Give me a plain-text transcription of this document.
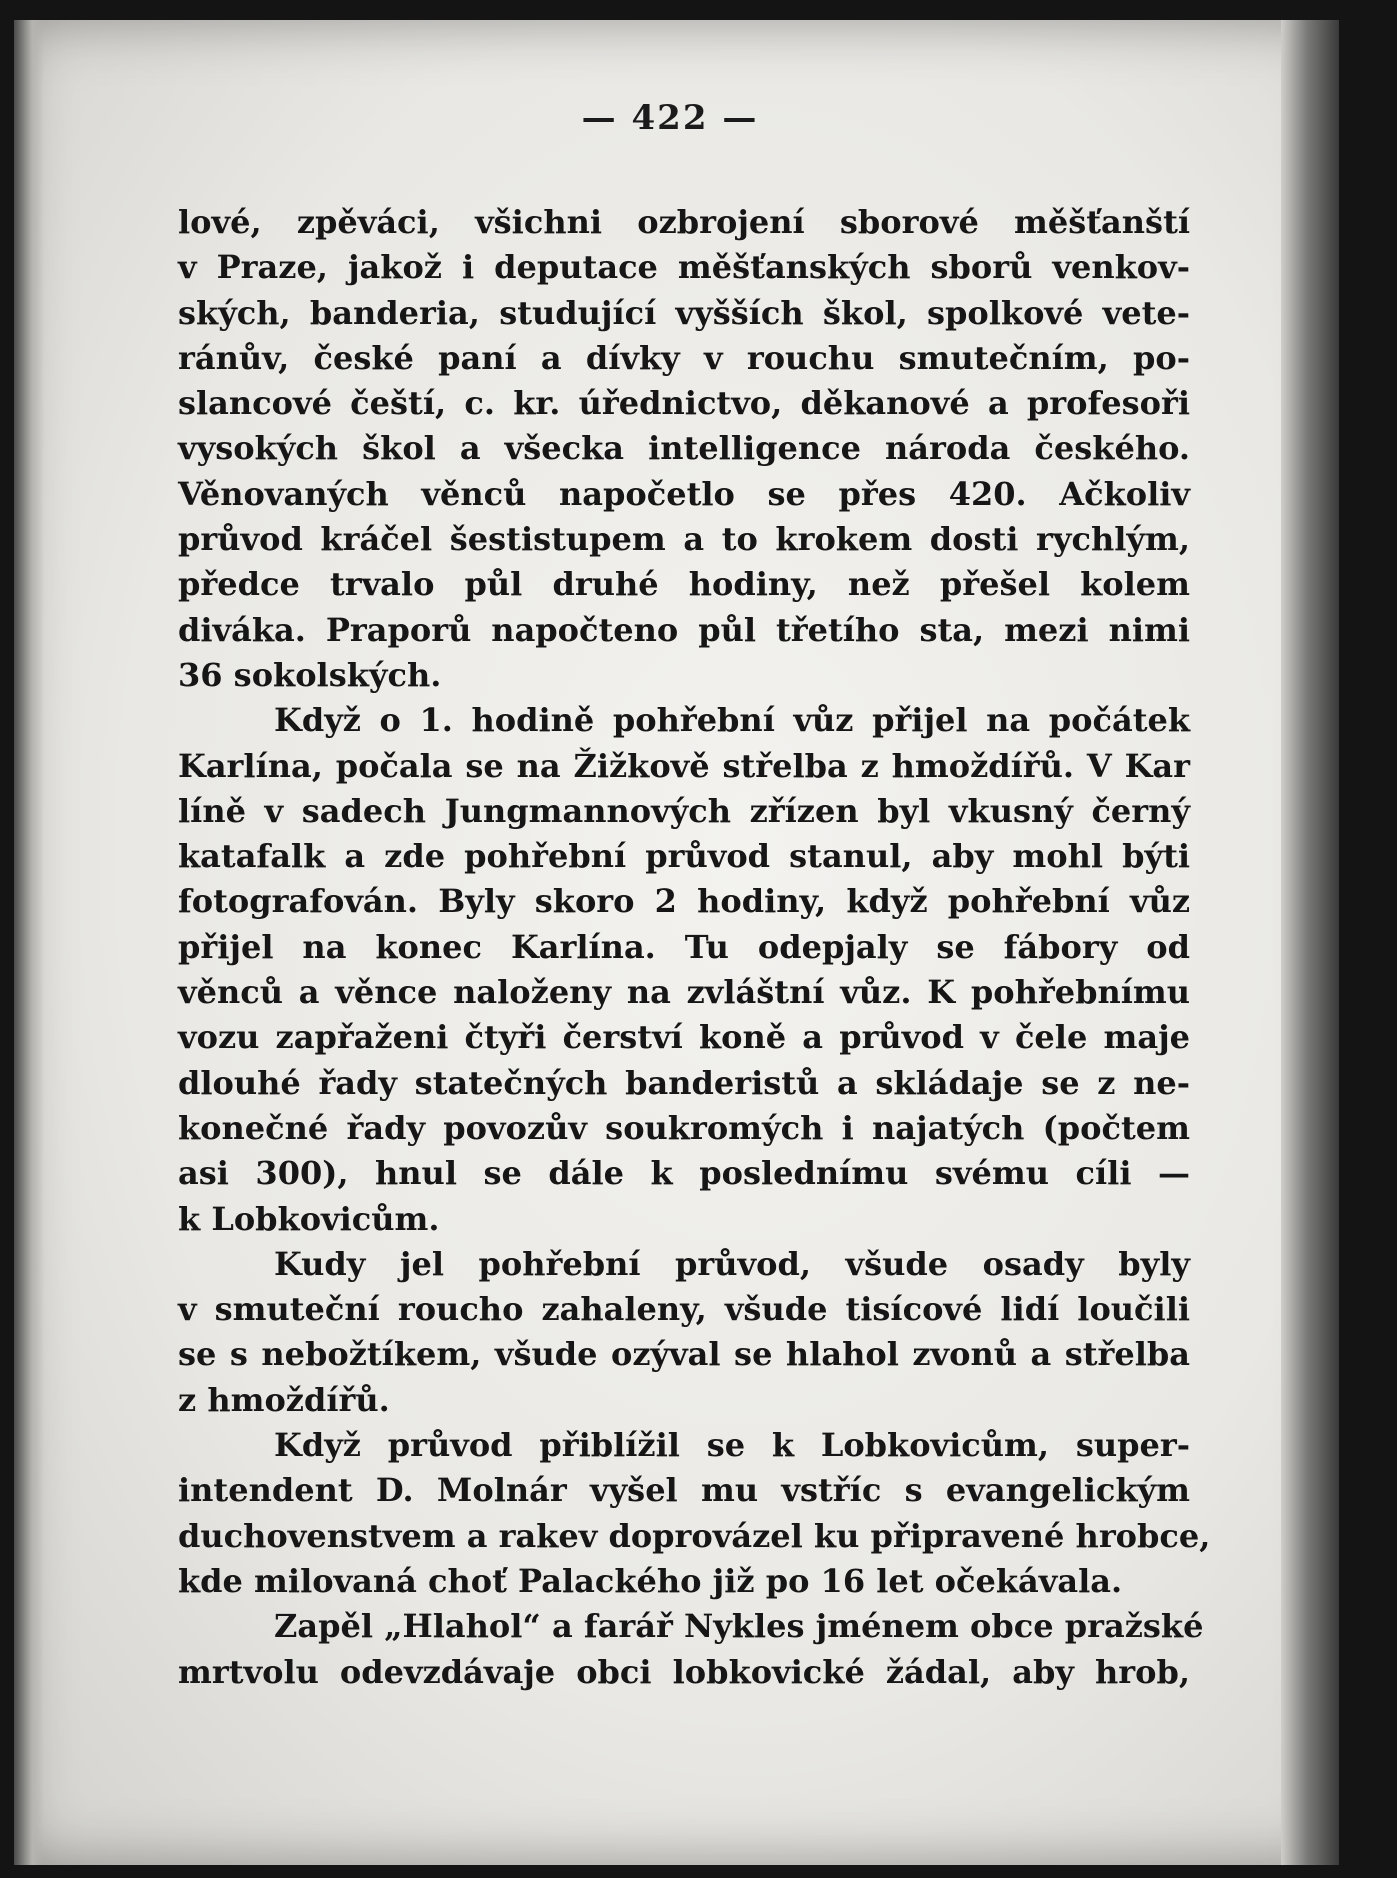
— 422 —
lové, zpěváci, všichni ozbrojení sborové měšťanští
v Praze, jakož i deputace měšťanských sborů venkov-
ských, banderia, studující vyšších škol, spolkové vete-
ránův, české paní a dívky v rouchu smutečním, po-
slancové čeští, c. kr. úřednictvo, děkanové a profesoři
vysokých škol a všecka intelligence národa českého.
Věnovaných věnců napočetlo se přes 420. Ačkoliv
průvod kráčel šestistupem a to krokem dosti rychlým,
předce trvalo půl druhé hodiny, než přešel kolem
diváka. Praporů napočteno půl třetího sta, mezi nimi
36 sokolských.
Když o 1. hodině pohřební vůz přijel na počátek
Karlína, počala se na Žižkově střelba z hmoždířů. V Kar
líně v sadech Jungmannových zřízen byl vkusný černý
katafalk a zde pohřební průvod stanul, aby mohl býti
fotografován. Byly skoro 2 hodiny, když pohřební vůz
přijel na konec Karlína. Tu odepjaly se fábory od
věnců a věnce naloženy na zvláštní vůz. K pohřebnímu
vozu zapřaženi čtyři čerství koně a průvod v čele maje
dlouhé řady statečných banderistů a skládaje se z ne-
konečné řady povozův soukromých i najatých (počtem
asi 300), hnul se dále k poslednímu svému cíli —
k Lobkovicům.
Kudy jel pohřební průvod, všude osady byly
v smuteční roucho zahaleny, všude tisícové lidí loučili
se s nebožtíkem, všude ozýval se hlahol zvonů a střelba
z hmoždířů.
Když průvod přiblížil se k Lobkovicům, super-
intendent D. Molnár vyšel mu vstříc s evangelickým
duchovenstvem a rakev doprovázel ku připravené hrobce,
kde milovaná choť Palackého již po 16 let očekávala.
Zapěl „Hlahol“ a farář Nykles jménem obce pražské
mrtvolu odevzdávaje obci lobkovické žádal, aby hrob,
